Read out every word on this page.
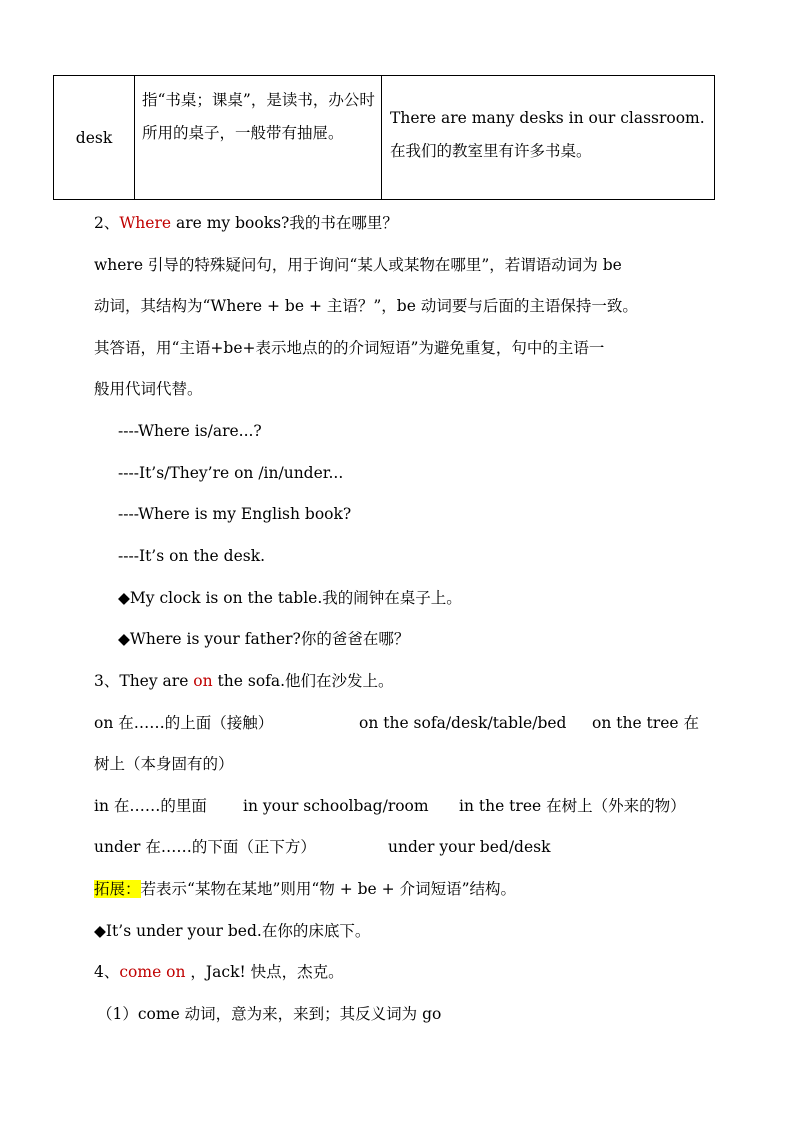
desk
指“书桌；课桌”，是读书，办公时所用的桌子，一般带有抽屉。
There are many desks in our classroom.
在我们的教室里有许多书桌。
2、Where are my books?我的书在哪里？
where 引导的特殊疑问句，用于询问“某人或某物在哪里”，若谓语动词为 be
动词，其结构为“Where + be + 主语？”，be 动词要与后面的主语保持一致。
其答语，用“主语+be+表示地点的的介词短语”为避免重复，句中的主语一
般用代词代替。
----Where is/are...?
----It’s/They’re on /in/under...
----Where is my English book?
----It’s on the desk.
◆My clock is on the table.我的闹钟在桌子上。
◆Where is your father?你的爸爸在哪？
3、They are on the sofa.他们在沙发上。
on 在……的上面（接触）	on the sofa/desk/table/bed on the tree 在
树上（本身固有的）
in 在……的里面 in your schoolbag/room in the tree 在树上（外来的物）
under 在……的下面（正下方）	under your bed/desk
拓展：若表示“某物在某地”则用“物 + be + 介词短语”结构。
◆It’s under your bed.在你的床底下。
4、come on ，Jack! 快点，杰克。
（1）come 动词，意为来，来到；其反义词为 go
